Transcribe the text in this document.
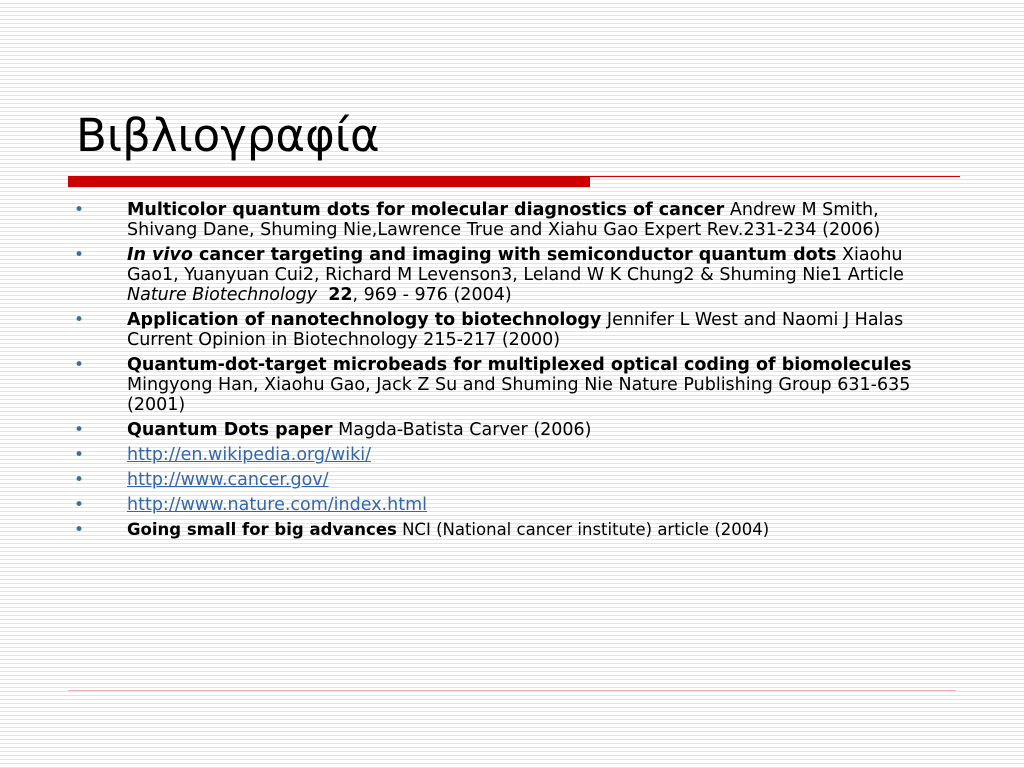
Βιβλιογραφία
• Multicolor quantum dots for molecular diagnostics of cancer Andrew M Smith, Shivang Dane, Shuming Nie,Lawrence True and Xiahu Gao Expert Rev.231-234 (2006)
• In vivo cancer targeting and imaging with semiconductor quantum dots Xiaohu Gao1, Yuanyuan Cui2, Richard M Levenson3, Leland W K Chung2 & Shuming Nie1 Article  Nature Biotechnology 22, 969 - 976 (2004)
• Application of nanotechnology to biotechnology Jennifer L West and Naomi J Halas Current Opinion in Biotechnology 215-217 (2000)
• Quantum-dot-target microbeads for multiplexed optical coding of biomolecules Mingyong Han, Xiaohu Gao, Jack Z Su and Shuming Nie Nature Publishing Group 631-635 (2001)
• Quantum Dots paper Magda-Batista Carver (2006)
• http://en.wikipedia.org/wiki/
• http://www.cancer.gov/
• http://www.nature.com/index.html
•	Going small for big advances NCI (National cancer institute) article (2004)
